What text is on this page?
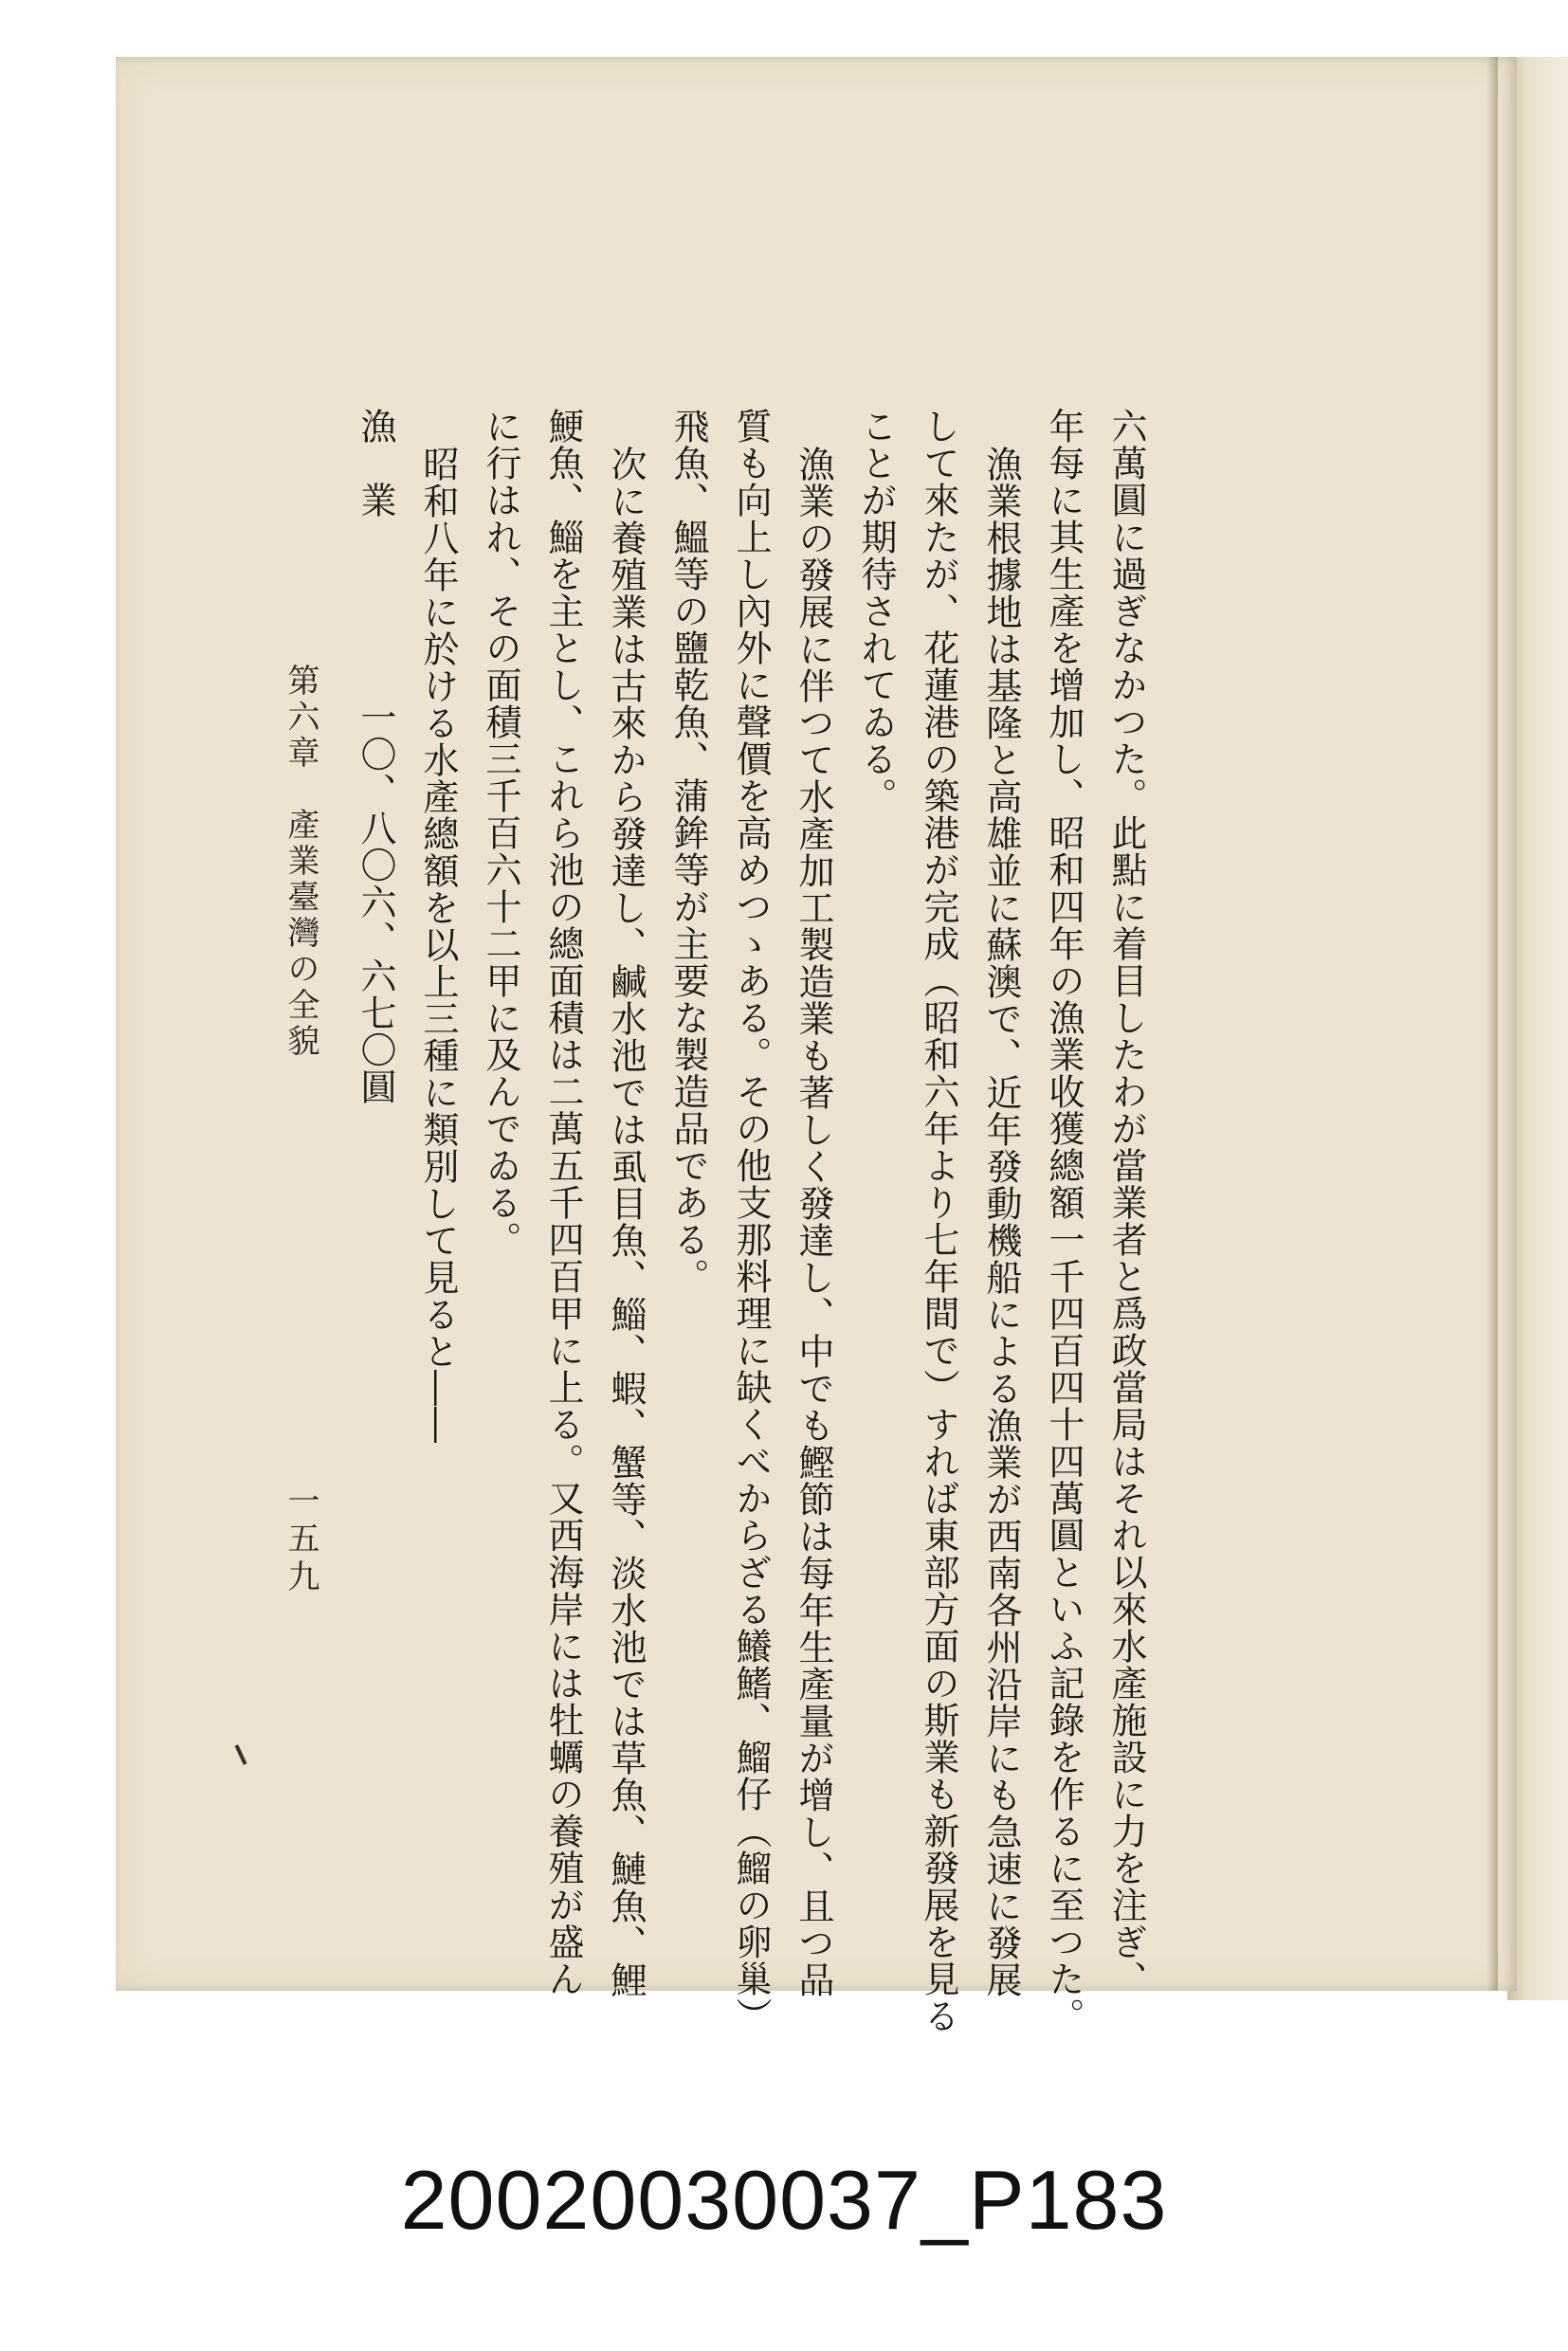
六萬圓に過ぎなかつた。此點に着目したわが當業者と爲政當局はそれ以來水產施設に力を注ぎ、
年每に其生產を增加し、昭和四年の漁業收獲總額一千四百四十四萬圓といふ記錄を作るに至つた。
漁業根據地は基隆と高雄並に蘇澳で、近年發動機船による漁業が西南各州沿岸にも急速に發展
して來たが、花蓮港の築港が完成（昭和六年より七年間で）すれば東部方面の斯業も新發展を見る
ことが期待されてゐる。
漁業の發展に伴つて水產加工製造業も著しく發達し、中でも鰹節は每年生產量が增し、且つ品
質も向上し內外に聲價を高めつゝある。その他支那料理に缺くべからざる鱶鰭、鰡仔（鰡の卵巢）
飛魚、鰮等の鹽乾魚、蒲鉾等が主要な製造品である。
次に養殖業は古來から發達し、鹹水池では虱目魚、鯔、蝦、蟹等、淡水池では草魚、鰱魚、鯉
鯁魚、鯔を主とし、これら池の總面積は二萬五千四百甲に上る。又西海岸には牡蠣の養殖が盛ん
に行はれ、その面積三千百六十二甲に及んでゐる。
昭和八年に於ける水產總額を以上三種に類別して見ると――
漁　業一〇、八〇六、六七〇圓
第六章　產業臺灣の全貌
一五九
20020030037_P183
